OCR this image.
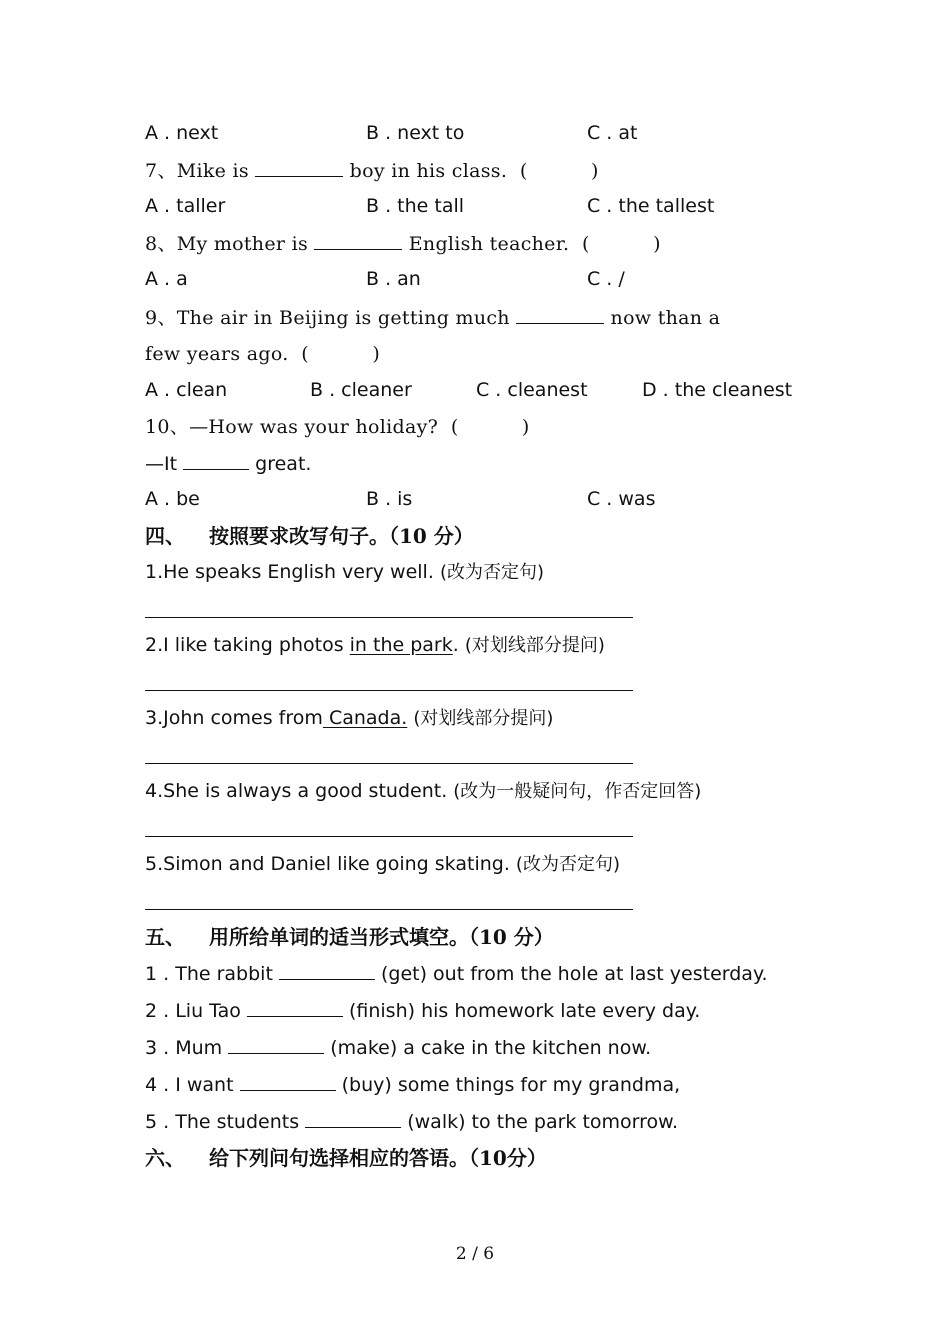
A . next	B . next to	C . at
7、Mike is	boy in his class. (          )
A . taller	B . the tall	C . the tallest
8、My mother is	English teacher. (          )
A . a	B . an	C . /
9、The air in Beijing is getting much	now than a
few years ago. (          )
A . clean	B . cleaner	C . cleanest	D . the cleanest
10、—How was your holiday? (          )
—It	great.
A . be	B . is	C . was
四、 按照要求改写句子。（10 分）
1.He speaks English very well. (改为否定句)
2.I like taking photos in the park. (对划线部分提问)
3.John comes from Canada. (对划线部分提问)
4.She is always a good student. (改为一般疑问句，作否定回答)
5.Simon and Daniel like going skating. (改为否定句)
五、 用所给单词的适当形式填空。（10 分）
1 . The rabbit	(get) out from the hole at last yesterday.
2 . Liu Tao	(finish) his homework late every day.
3 . Mum	(make) a cake in the kitchen now.
4 . I want	(buy) some things for my grandma,
5 . The students	(walk) to the park tomorrow.
六、 给下列问句选择相应的答语。（10分）
2 / 6
